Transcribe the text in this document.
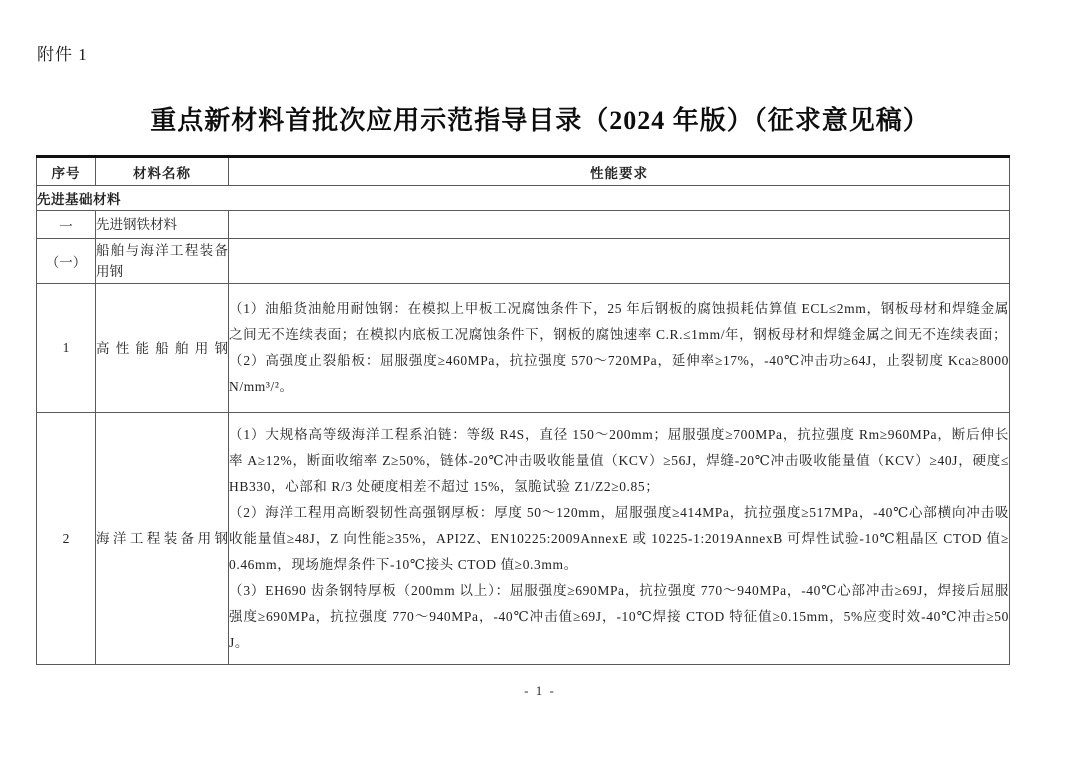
附件 1
重点新材料首批次应用示范指导目录（2024 年版）（征求意见稿）
序号	材料名称	性能要求
先进基础材料		
一	先进钢铁材料	
（一）	船舶与海洋工程装备用钢	
1	高性能船舶用钢	（1）油船货油舱用耐蚀钢：在模拟上甲板工况腐蚀条件下，25 年后钢板的腐蚀损耗估算值 ECL≤2mm，钢板母材和焊缝金属之间无不连续表面；在模拟内底板工况腐蚀条件下，钢板的腐蚀速率 C.R.≤1mm/年，钢板母材和焊缝金属之间无不连续表面；

（2）高强度止裂船板：屈服强度≥460MPa，抗拉强度 570～720MPa，延伸率≥17%，-40℃冲击功≥64J，止裂韧度 Kca≥8000N/mm³/²。

2	海洋工程装备用钢	（1）大规格高等级海洋工程系泊链：等级 R4S，直径 150～200mm；屈服强度≥700MPa，抗拉强度 Rm≥960MPa，断后伸长率 A≥12%，断面收缩率 Z≥50%，链体-20℃冲击吸收能量值（KCV）≥56J，焊缝-20℃冲击吸收能量值（KCV）≥40J，硬度≤HB330，心部和 R/3 处硬度相差不超过 15%，氢脆试验 Z1/Z2≥0.85；

（2）海洋工程用高断裂韧性高强钢厚板：厚度 50～120mm，屈服强度≥414MPa，抗拉强度≥517MPa，-40℃心部横向冲击吸收能量值≥48J，Z 向性能≥35%，API2Z、EN10225:2009AnnexE 或 10225-1:2019AnnexB 可焊性试验-10℃粗晶区 CTOD 值≥0.46mm，现场施焊条件下-10℃接头 CTOD 值≥0.3mm。

（3）EH690 齿条钢特厚板（200mm 以上）：屈服强度≥690MPa，抗拉强度 770～940MPa，-40℃心部冲击≥69J，焊接后屈服强度≥690MPa，抗拉强度 770～940MPa，-40℃冲击值≥69J，-10℃焊接 CTOD 特征值≥0.15mm，5%应变时效-40℃冲击≥50J。

- 1 -
